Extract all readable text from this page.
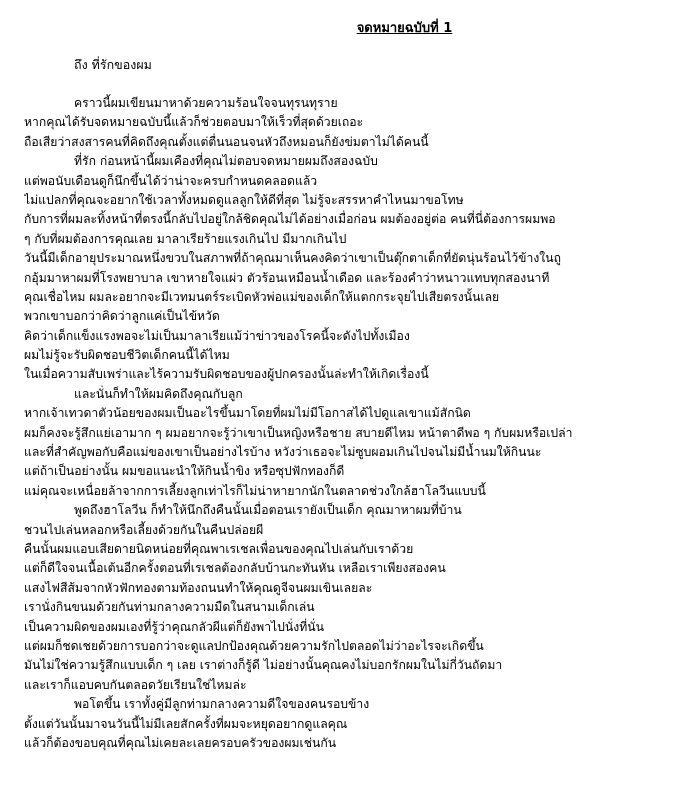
จดหมายฉบับที่ 1
ถึง ที่รักของผม
คราวนี้ผมเขียนมาหาด้วยความร้อนใจจนทุรนทุราย
หากคุณได้รับจดหมายฉบับนี้แล้วก็ช่วยตอบมาให้เร็วที่สุดด้วยเถอะ
ถือเสียว่าสงสารคนที่คิดถึงคุณตั้งแต่ตื่นนอนจนหัวถึงหมอนก็ยังข่มตาไม่ได้คนนี้
ที่รัก ก่อนหน้านี้ผมเคืองที่คุณไม่ตอบจดหมายผมถึงสองฉบับ
แต่พอนับเดือนดูก็นึกขึ้นได้ว่าน่าจะครบกำหนดคลอดแล้ว
ไม่แปลกที่คุณจะอยากใช้เวลาทั้งหมดดูแลลูกให้ดีที่สุด ไม่รู้จะสรรหาคำไหนมาขอโทษ
กับการที่ผมละทิ้งหน้าที่ตรงนี้กลับไปอยู่ใกล้ชิดคุณไม่ได้อย่างเมื่อก่อน ผมต้องอยู่ต่อ คนที่นี่ต้องการผมพอ
ๆ กับที่ผมต้องการคุณเลย มาลาเรียร้ายแรงเกินไป มีมากเกินไป
วันนี้มีเด็กอายุประมาณหนึ่งขวบในสภาพที่ถ้าคุณมาเห็นคงคิดว่าเขาเป็นตุ๊กตาเด็กที่ยัดนุ่นร้อนไว้ข้างในถู
กอุ้มมาหาผมที่โรงพยาบาล เขาหายใจแผ่ว ตัวร้อนเหมือนน้ำเดือด และร้องคำว่าหนาวแทบทุกสองนาที
คุณเชื่อไหม ผมละอยากจะมีเวทมนตร์ระเบิดหัวพ่อแม่ของเด็กให้แตกกระจุยไปเสียตรงนั้นเลย
พวกเขาบอกว่าคิดว่าลูกแค่เป็นไข้หวัด
คิดว่าเด็กแข็งแรงพอจะไม่เป็นมาลาเรียแม้ว่าข่าวของโรคนี้จะดังไปทั้งเมือง
ผมไม่รู้จะรับผิดชอบชีวิตเด็กคนนี้ได้ไหม
ในเมื่อความสับเพร่าและไร้ความรับผิดชอบของผู้ปกครองนั้นล่ะทำให้เกิดเรื่องนี้
และนั่นก็ทำให้ผมคิดถึงคุณกับลูก
หากเจ้าเทวดาตัวน้อยของผมเป็นอะไรขึ้นมาโดยที่ผมไม่มีโอกาสได้ไปดูแลเขาแม้สักนิด
ผมก็คงจะรู้สึกแย่เอามาก ๆ ผมอยากจะรู้ว่าเขาเป็นหญิงหรือชาย สบายดีไหม หน้าตาดีพอ ๆ กับผมหรือเปล่า
และที่สำคัญพอกับคือแม่ของเขาเป็นอย่างไรบ้าง หวังว่าเธอจะไม่ซูบผอมเกินไปจนไม่มีน้ำนมให้กินนะ
แต่ถ้าเป็นอย่างนั้น ผมขอแนะนำให้กินน้ำขิง หรือซุปฟักทองก็ดี
แม่คุณจะเหนื่อยล้าจากการเลี้ยงลูกเท่าไรก็ไม่น่าหายากนักในตลาดช่วงใกล้ฮาโลวีนแบบนี้
พูดถึงฮาโลวีน ก็ทำให้นึกถึงคืนนั้นเมื่อตอนเรายังเป็นเด็ก คุณมาหาผมที่บ้าน
ชวนไปเล่นหลอกหรือเลี้ยงด้วยกันในคืนปล่อยผี
คืนนั้นผมแอบเสียดายนิดหน่อยที่คุณพาเรเชลเพื่อนของคุณไปเล่นกับเราด้วย
แต่ก็ดีใจจนเนื้อเต้นอีกครั้งตอนที่เรเชลต้องกลับบ้านกะทันหัน เหลือเราเพียงสองคน
แสงไฟสีส้มจากหัวฟักทองตามท้องถนนทำให้คุณดูจีจนผมเขินเลยละ
เรานั่งกินขนมด้วยกันท่ามกลางความมืดในสนามเด็กเล่น
เป็นความผิดของผมเองที่รู้ว่าคุณกลัวผีแต่ก็ยังพาไปนั่งที่นั่น
แต่ผมก็ชดเชยด้วยการบอกว่าจะดูแลปกป้องคุณด้วยความรักไปตลอดไม่ว่าอะไรจะเกิดขึ้น
มันไม่ใช่ความรู้สึกแบบเด็ก ๆ เลย เราต่างก็รู้ดี ไม่อย่างนั้นคุณคงไม่บอกรักผมในไม่กี่วันถัดมา
และเราก็แอบคบกันตลอดวัยเรียนใช่ไหมล่ะ
พอโตขึ้น เราทั้งคู่มีลูกท่ามกลางความดีใจของคนรอบข้าง
ตั้งแต่วันนั้นมาจนวันนี้ไม่มีเลยสักครั้งที่ผมจะหยุดอยากดูแลคุณ
แล้วก็ต้องขอบคุณที่คุณไม่เคยละเลยครอบครัวของผมเช่นกัน
